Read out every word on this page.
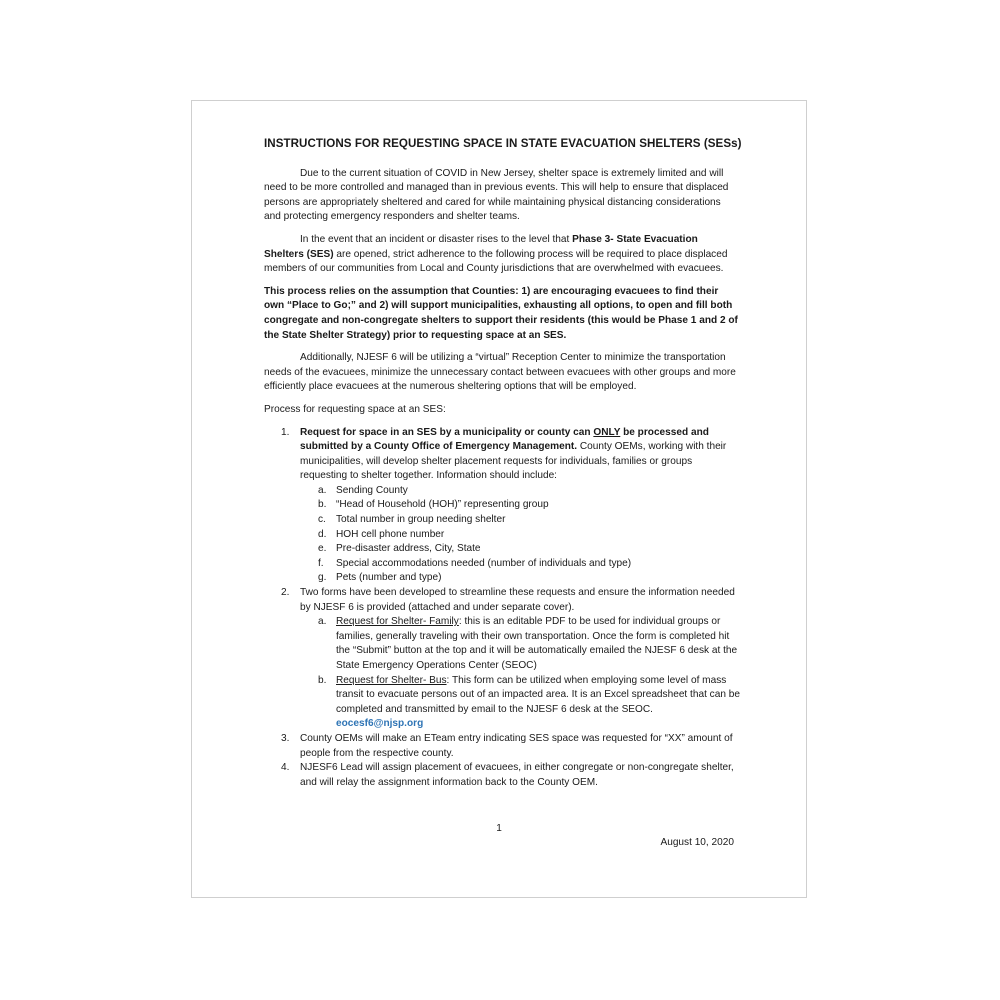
INSTRUCTIONS FOR REQUESTING SPACE IN STATE EVACUATION SHELTERS (SESs)

Due to the current situation of COVID in New Jersey, shelter space is extremely limited and will need to be more controlled and managed than in previous events. This will help to ensure that displaced persons are appropriately sheltered and cared for while maintaining physical distancing considerations and protecting emergency responders and shelter teams.

In the event that an incident or disaster rises to the level that Phase 3- State Evacuation Shelters (SES) are opened, strict adherence to the following process will be required to place displaced members of our communities from Local and County jurisdictions that are overwhelmed with evacuees.

This process relies on the assumption that Counties: 1) are encouraging evacuees to find their own “Place to Go;” and 2) will support municipalities, exhausting all options, to open and fill both congregate and non-congregate shelters to support their residents (this would be Phase 1 and 2 of the State Shelter Strategy) prior to requesting space at an SES.

Additionally, NJESF 6 will be utilizing a “virtual” Reception Center to minimize the transportation needs of the evacuees, minimize the unnecessary contact between evacuees with other groups and more efficiently place evacuees at the numerous sheltering options that will be employed.

Process for requesting space at an SES:

1. Request for space in an SES by a municipality or county can ONLY be processed and submitted by a County Office of Emergency Management. County OEMs, working with their municipalities, will develop shelter placement requests for individuals, families or groups requesting to shelter together. Information should include:
a. Sending County
b. “Head of Household (HOH)” representing group
c. Total number in group needing shelter
d. HOH cell phone number
e. Pre-disaster address, City, State
f. Special accommodations needed (number of individuals and type)
g. Pets (number and type)
2. Two forms have been developed to streamline these requests and ensure the information needed by NJESF 6 is provided (attached and under separate cover).
a. Request for Shelter- Family: this is an editable PDF to be used for individual groups or families, generally traveling with their own transportation. Once the form is completed hit the “Submit” button at the top and it will be automatically emailed the NJESF 6 desk at the State Emergency Operations Center (SEOC)
b. Request for Shelter- Bus: This form can be utilized when employing some level of mass transit to evacuate persons out of an impacted area. It is an Excel spreadsheet that can be completed and transmitted by email to the NJESF 6 desk at the SEOC.
eocesf6@njsp.org
3. County OEMs will make an ETeam entry indicating SES space was requested for “XX” amount of people from the respective county.
4. NJESF6 Lead will assign placement of evacuees, in either congregate or non-congregate shelter, and will relay the assignment information back to the County OEM.
1
August 10, 2020
